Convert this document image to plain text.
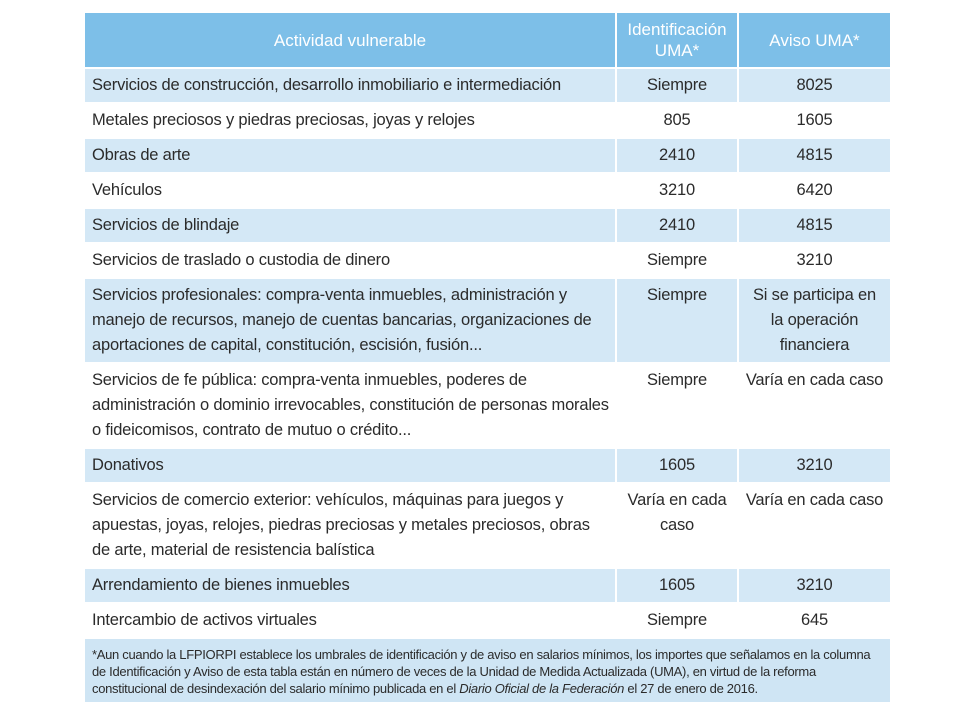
Actividad vulnerable	Identificación UMA*	Aviso UMA*
Servicios de construcción, desarrollo inmobiliario e intermediación	Siempre	8025
Metales preciosos y piedras preciosas, joyas y relojes	805	1605
Obras de arte	2410	4815
Vehículos	3210	6420
Servicios de blindaje	2410	4815
Servicios de traslado o custodia de dinero	Siempre	3210
Servicios profesionales: compra-venta inmuebles, administración y manejo de recursos, manejo de cuentas bancarias, organizaciones de aportaciones de capital, constitución, escisión, fusión...	Siempre	Si se participa en la operación financiera
Servicios de fe pública: compra-venta inmuebles, poderes de administración o dominio irrevocables, constitución de personas morales o fideicomisos, contrato de mutuo o crédito...	Siempre	Varía en cada caso
Donativos	1605	3210
Servicios de comercio exterior: vehículos, máquinas para juegos y apuestas, joyas, relojes, piedras preciosas y metales preciosos, obras de arte, material de resistencia balística	Varía en cada caso	Varía en cada caso
Arrendamiento de bienes inmuebles	1605	3210
Intercambio de activos virtuales	Siempre	645
*Aun cuando la LFPIORPI establece los umbrales de identificación y de aviso en salarios mínimos, los importes que señalamos en la columna de Identificación y Aviso de esta tabla están en número de veces de la Unidad de Medida Actualizada (UMA), en virtud de la reforma constitucional de desindexación del salario mínimo publicada en el Diario Oficial de la Federación el 27 de enero de 2016.
